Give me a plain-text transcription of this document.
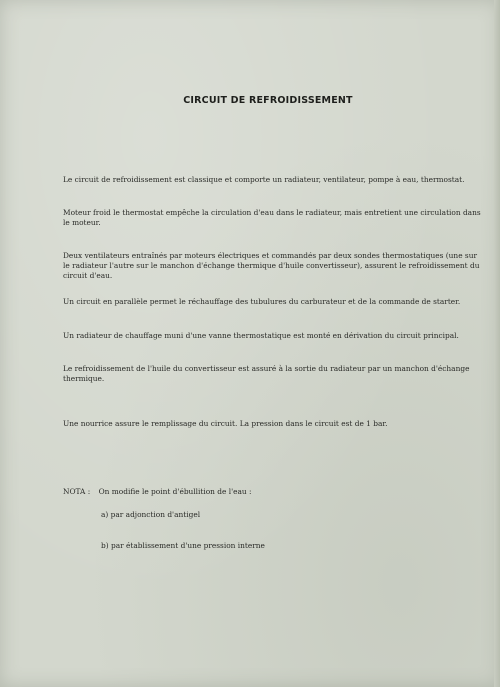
CIRCUIT DE REFROIDISSEMENT

Le circuit de refroidissement est classique et comporte un radiateur, ventilateur, pompe à eau, thermostat.

Moteur froid le thermostat empêche la circulation d'eau dans le radiateur, mais entretient une circulation dans le moteur.

Deux ventilateurs entraînés par moteurs électriques et commandés par deux sondes thermostatiques (une sur le radiateur l'autre sur le manchon d'échange thermique d'huile convertisseur), assurent le refroidissement du circuit d'eau.

Un circuit en parallèle permet le réchauffage des tubulures du carburateur et de la commande de starter.

Un radiateur de chauffage muni d'une vanne thermostatique est monté en dérivation du circuit principal.

Le refroidissement de l'huile du convertisseur est assuré à la sortie du radiateur par un manchon d'échange thermique.

Une nourrice assure le remplissage du circuit. La pression dans le circuit est de 1 bar.

NOTA : On modifie le point d'ébullition de l'eau :
a) par adjonction d'antigel
b) par établissement d'une pression interne
